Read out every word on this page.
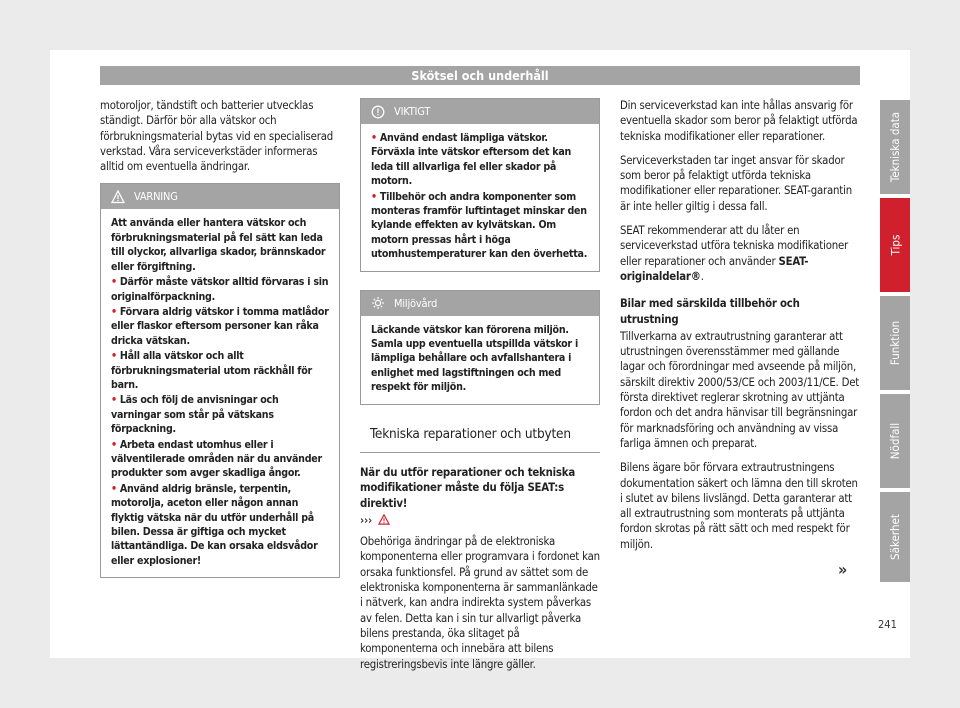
Skötsel och underhåll

motoroljor, tändstift och batterier utvecklas ständigt. Därför bör alla vätskor och förbrukningsmaterial bytas vid en specialiserad verkstad. Våra serviceverkstäder informeras alltid om eventuella ändringar.

VARNING

Att använda eller hantera vätskor och förbrukningsmaterial på fel sätt kan leda till olyckor, allvarliga skador, brännskador eller förgiftning.

• Därför måste vätskor alltid förvaras i sin originalförpackning.

• Förvara aldrig vätskor i tomma matlådor eller flaskor eftersom personer kan råka dricka vätskan.

• Håll alla vätskor och allt förbrukningsmaterial utom räckhåll för barn.

• Läs och följ de anvisningar och varningar som står på vätskans förpackning.

• Arbeta endast utomhus eller i välventilerade områden när du använder produkter som avger skadliga ångor.

• Använd aldrig bränsle, terpentin, motorolja, aceton eller någon annan flyktig vätska när du utför underhåll på bilen. Dessa är giftiga och mycket lättantändliga. De kan orsaka eldsvådor eller explosioner!

VIKTIGT

• Använd endast lämpliga vätskor. Förväxla inte vätskor eftersom det kan leda till allvarliga fel eller skador på motorn.

• Tillbehör och andra komponenter som monteras framför luftintaget minskar den kylande effekten av kylvätskan. Om motorn pressas hårt i höga utomhustemperaturer kan den överhetta.

Miljövård

Läckande vätskor kan förorena miljön. Samla upp eventuella utspillda vätskor i lämpliga behållare och avfallshantera i enlighet med lagstiftningen och med respekt för miljön.

Tekniska reparationer och utbyten

När du utför reparationer och tekniska modifikationer måste du följa SEAT:s direktiv!

›››

Obehöriga ändringar på de elektroniska komponenterna eller programvara i fordonet kan orsaka funktionsfel. På grund av sättet som de elektroniska komponenterna är sammanlänkade i nätverk, kan andra indirekta system påverkas av felen. Detta kan i sin tur allvarligt påverka bilens prestanda, öka slitaget på komponenterna och innebära att bilens registreringsbevis inte längre gäller.

Din serviceverkstad kan inte hållas ansvarig för eventuella skador som beror på felaktigt utförda tekniska modifikationer eller reparationer.

Serviceverkstaden tar inget ansvar för skador som beror på felaktigt utförda tekniska modifikationer eller reparationer. SEAT-garantin är inte heller giltig i dessa fall.

SEAT rekommenderar att du låter en serviceverkstad utföra tekniska modifikationer eller reparationer och använder SEAT-originaldelar®.

Bilar med särskilda tillbehör och utrustning

Tillverkarna av extrautrustning garanterar att utrustningen överensstämmer med gällande lagar och förordningar med avseende på miljön, särskilt direktiv 2000/53/CE och 2003/11/CE. Det första direktivet reglerar skrotning av uttjänta fordon och det andra hänvisar till begränsningar för marknadsföring och användning av vissa farliga ämnen och preparat.

Bilens ägare bör förvara extrautrustningens dokumentation säkert och lämna den till skroten i slutet av bilens livslängd. Detta garanterar att all extrautrustning som monterats på uttjänta fordon skrotas på rätt sätt och med respekt för miljön.

»
Tekniska data
Tips
Funktion
Nödfall
Säkerhet
241
